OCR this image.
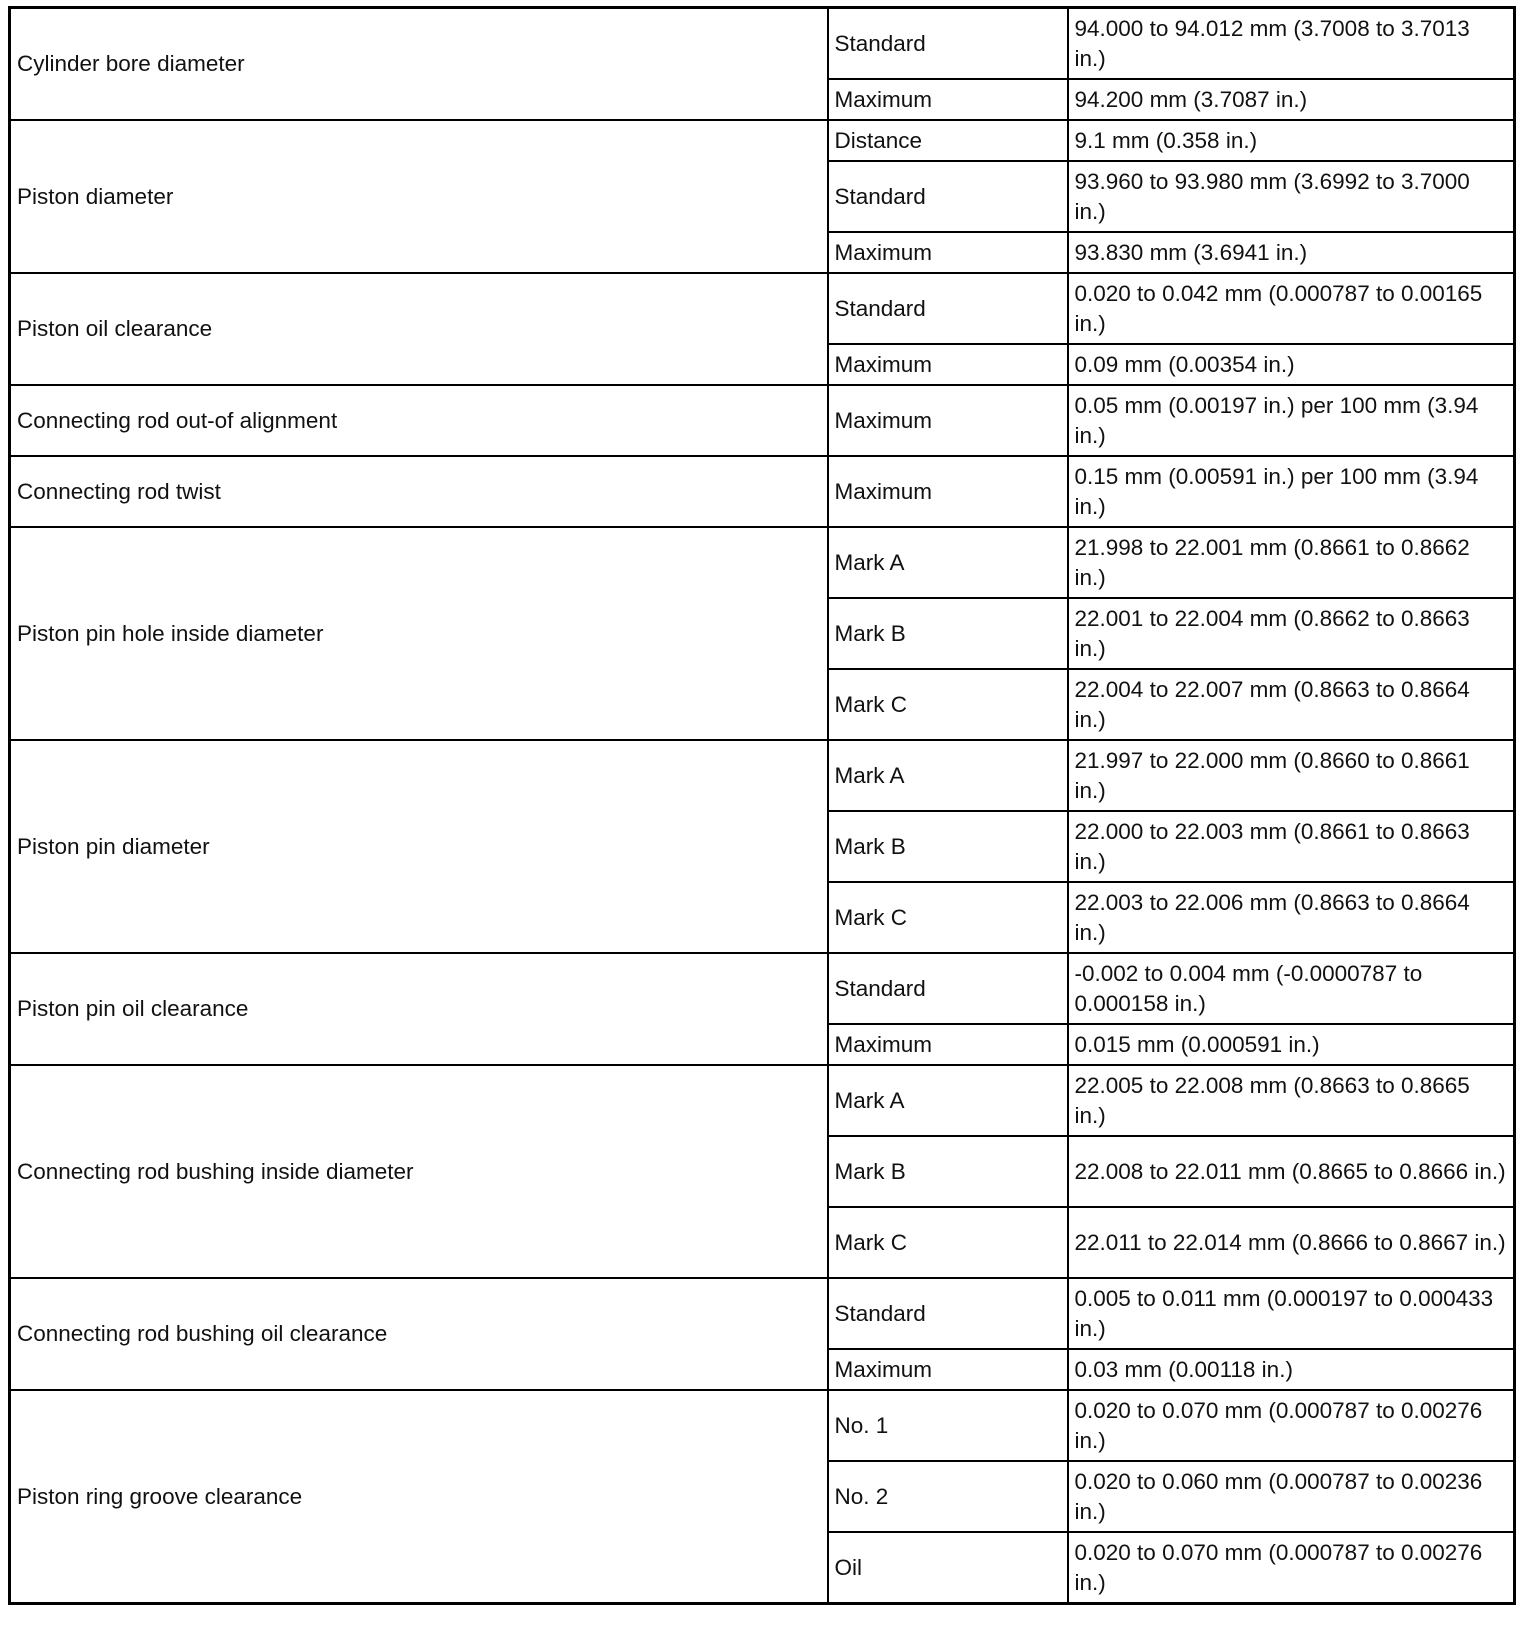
Cylinder bore diameter	Standard	94.000 to 94.012 mm (3.7008 to 3.7013 in.)
	Maximum	94.200 mm (3.7087 in.)
Piston diameter	Distance	9.1 mm (0.358 in.)
	Standard	93.960 to 93.980 mm (3.6992 to 3.7000 in.)
	Maximum	93.830 mm (3.6941 in.)
Piston oil clearance	Standard	0.020 to 0.042 mm (0.000787 to 0.00165 in.)
	Maximum	0.09 mm (0.00354 in.)
Connecting rod out-of alignment	Maximum	0.05 mm (0.00197 in.) per 100 mm (3.94 in.)
Connecting rod twist	Maximum	0.15 mm (0.00591 in.) per 100 mm (3.94 in.)
Piston pin hole inside diameter	Mark A	21.998 to 22.001 mm (0.8661 to 0.8662 in.)
	Mark B	22.001 to 22.004 mm (0.8662 to 0.8663 in.)
	Mark C	22.004 to 22.007 mm (0.8663 to 0.8664 in.)
Piston pin diameter	Mark A	21.997 to 22.000 mm (0.8660 to 0.8661 in.)
	Mark B	22.000 to 22.003 mm (0.8661 to 0.8663 in.)
	Mark C	22.003 to 22.006 mm (0.8663 to 0.8664 in.)
Piston pin oil clearance	Standard	-0.002 to 0.004 mm (-0.0000787 to 0.000158 in.)
	Maximum	0.015 mm (0.000591 in.)
Connecting rod bushing inside diameter	Mark A	22.005 to 22.008 mm (0.8663 to 0.8665 in.)
	Mark B	22.008 to 22.011 mm (0.8665 to 0.8666 in.)
	Mark C	22.011 to 22.014 mm (0.8666 to 0.8667 in.)
Connecting rod bushing oil clearance	Standard	0.005 to 0.011 mm (0.000197 to 0.000433 in.)
	Maximum	0.03 mm (0.00118 in.)
Piston ring groove clearance	No. 1	0.020 to 0.070 mm (0.000787 to 0.00276 in.)
	No. 2	0.020 to 0.060 mm (0.000787 to 0.00236 in.)
	Oil	0.020 to 0.070 mm (0.000787 to 0.00276 in.)
